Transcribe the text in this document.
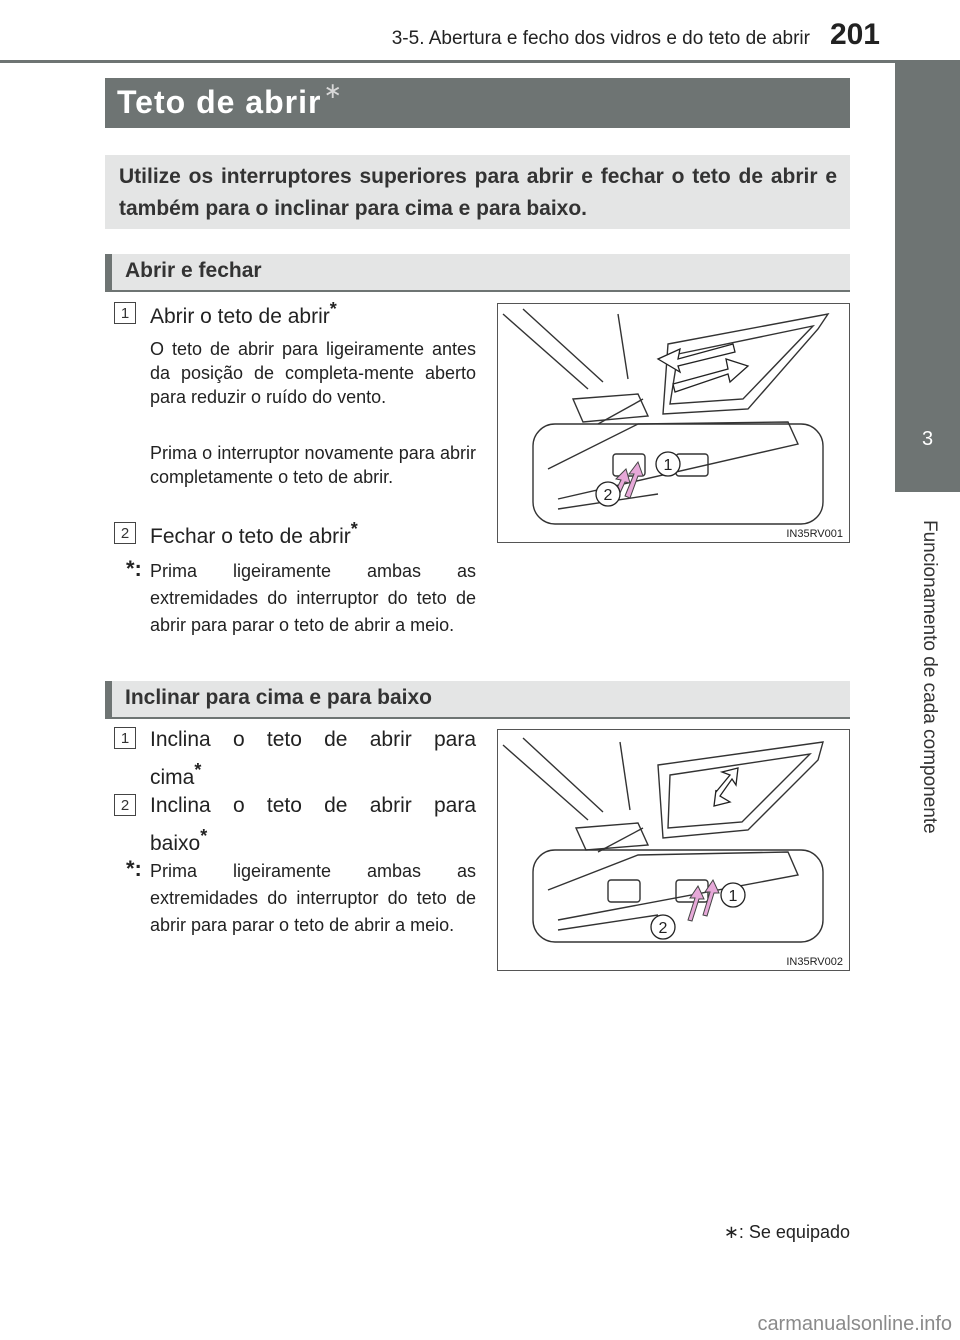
3-5. Abertura e fecho dos vidros e do teto de abrir 201
3
Funcionamento de cada componente
Teto de abrir∗

Utilize os interruptores superiores para abrir e fechar o teto de abrir e também para o inclinar para cima e para baixo.

Abrir e fechar
1 Abrir o teto de abrir*
O teto de abrir para ligeiramente antes da posição de completa-mente aberto para reduzir o ruído do vento.
Prima o interruptor novamente para abrir completamente o teto de abrir.
2 Fechar o teto de abrir*
*: Prima ligeiramente ambas as extremidades do interruptor do teto de abrir para parar o teto de abrir a meio.
1
2
IN35RV001
Inclinar para cima e para baixo
1 Inclina o teto de abrir para cima*
2 Inclina o teto de abrir para baixo*
*: Prima ligeiramente ambas as extremidades do interruptor do teto de abrir para parar o teto de abrir a meio.
1
2
IN35RV002
∗: Se equipado
carmanualsonline.info
